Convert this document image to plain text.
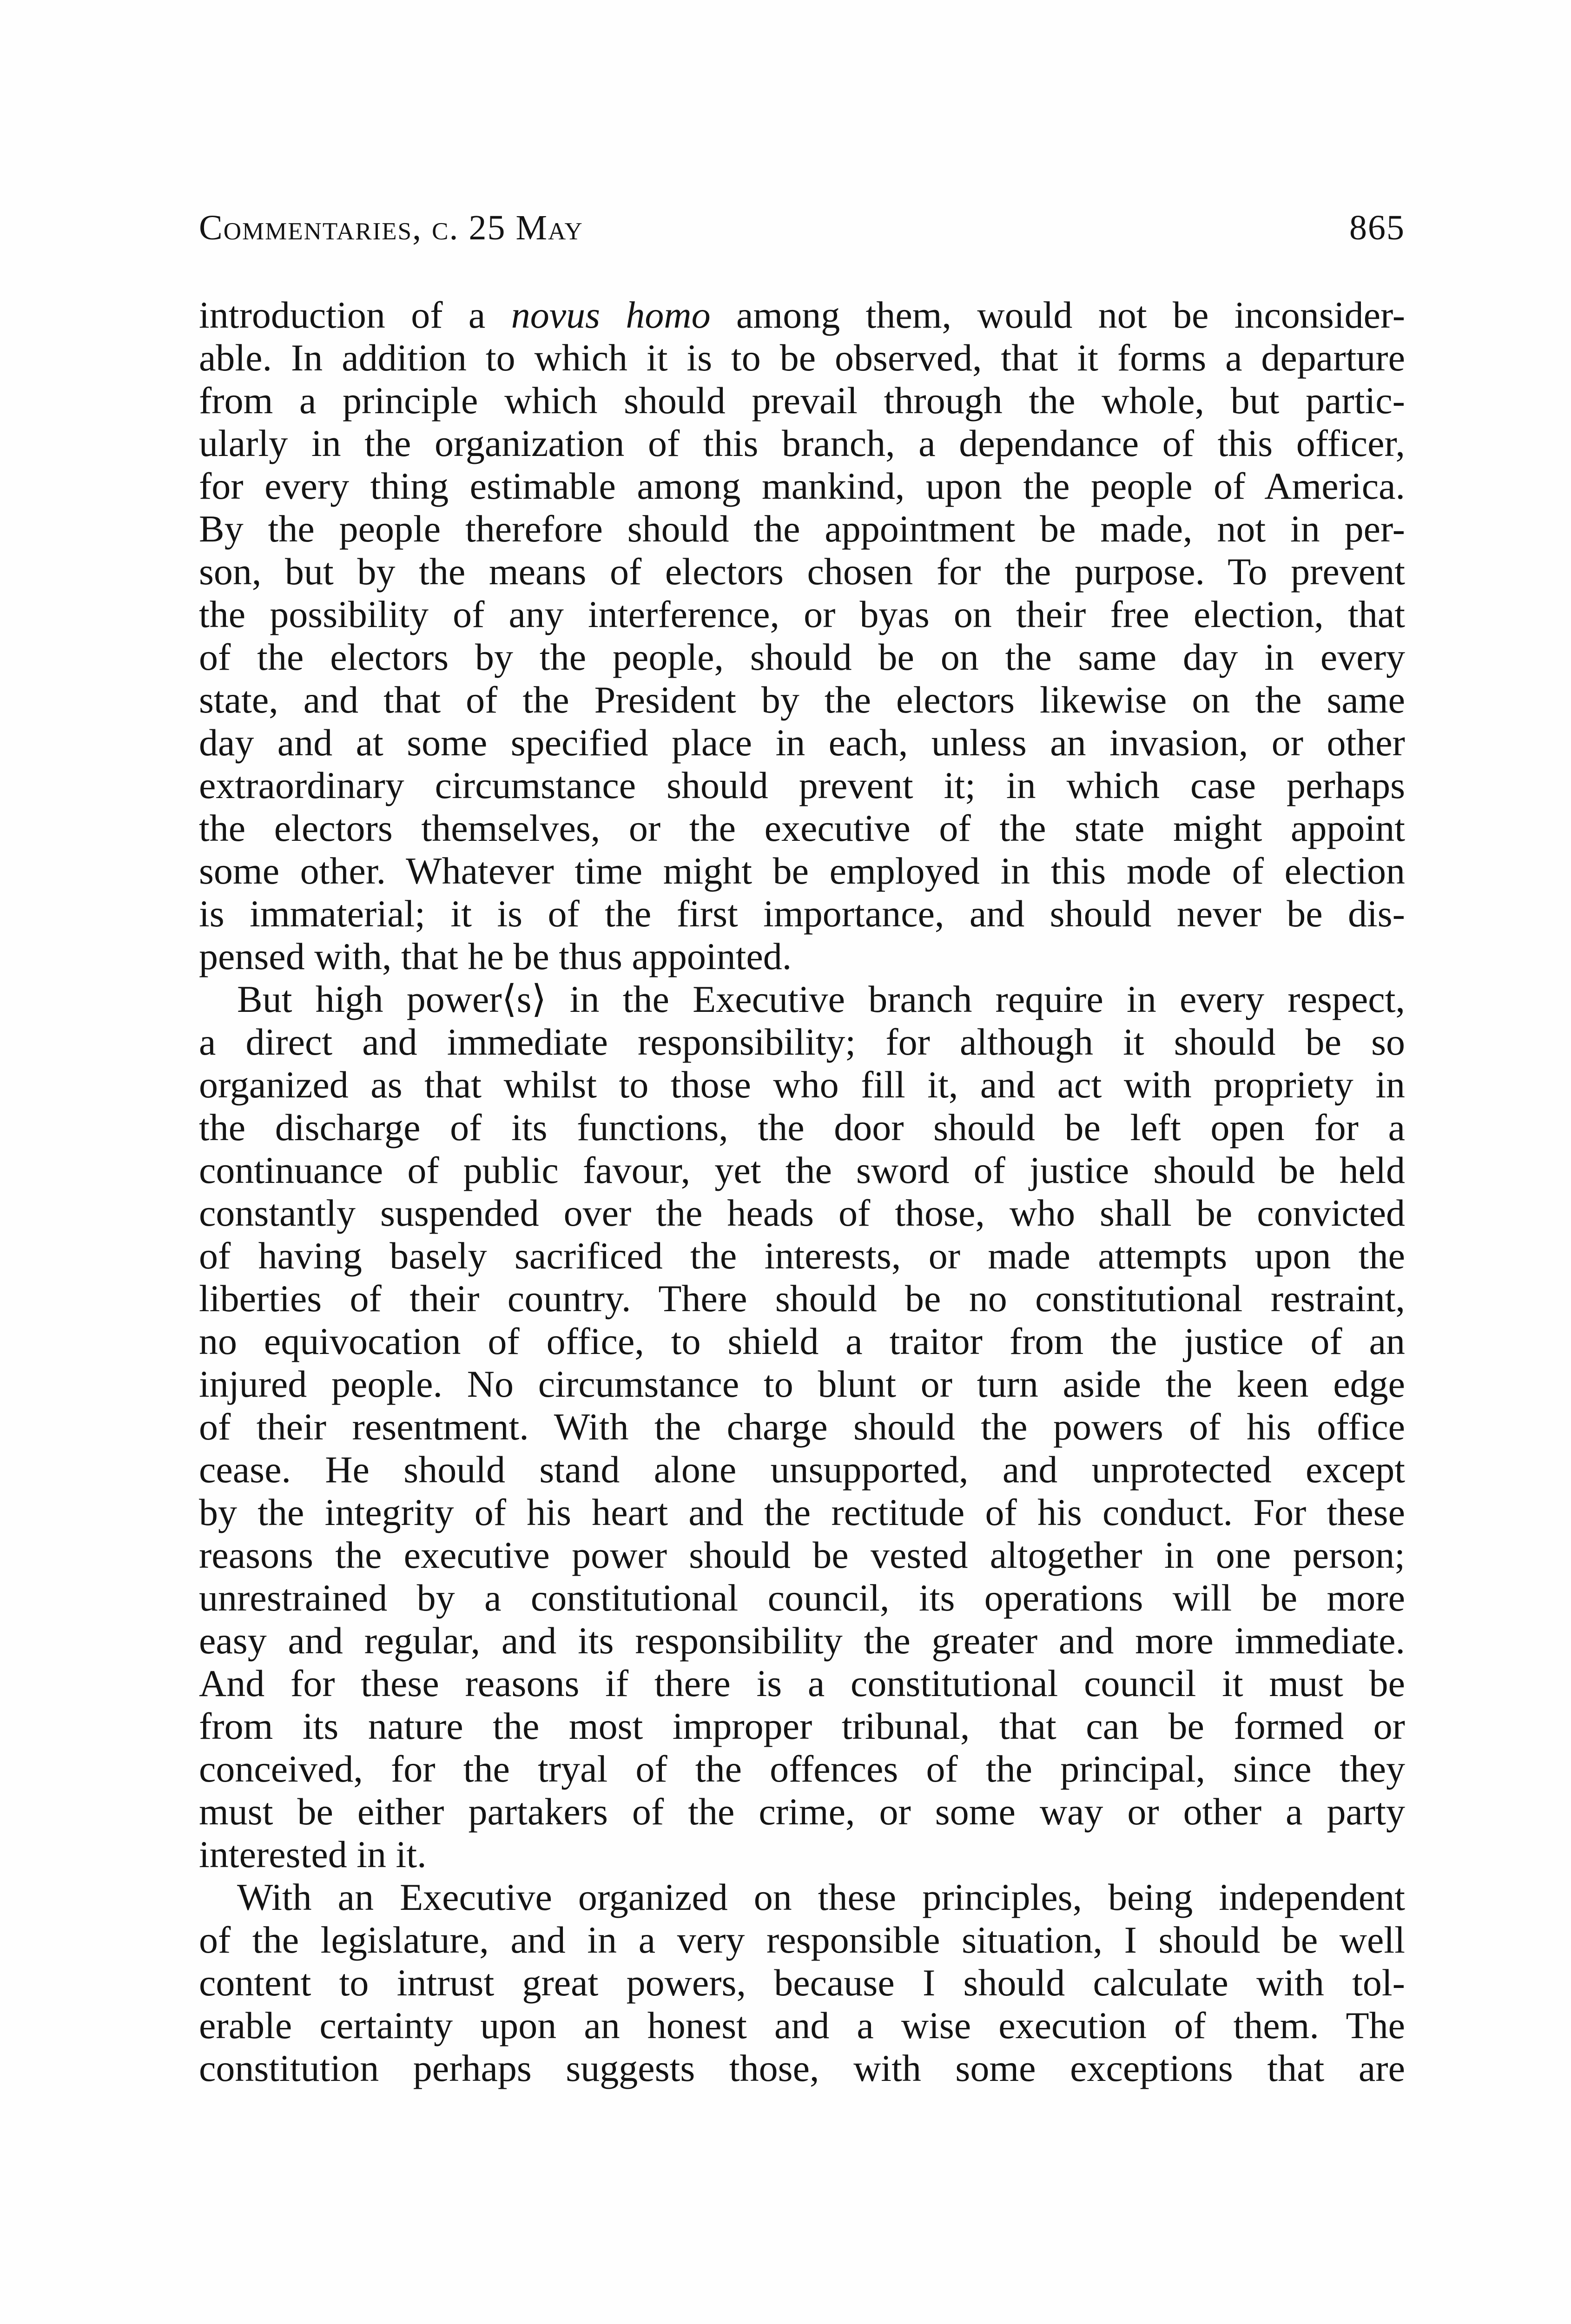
Commentaries, c. 25 May	865
introduction of a novus homo among them, would not be inconsider-
able. In addition to which it is to be observed, that it forms a departure
from a principle which should prevail through the whole, but partic-
ularly in the organization of this branch, a dependance of this officer,
for every thing estimable among mankind, upon the people of America.
By the people therefore should the appointment be made, not in per-
son, but by the means of electors chosen for the purpose. To prevent
the possibility of any interference, or byas on their free election, that
of the electors by the people, should be on the same day in every
state, and that of the President by the electors likewise on the same
day and at some specified place in each, unless an invasion, or other
extraordinary circumstance should prevent it; in which case perhaps
the electors themselves, or the executive of the state might appoint
some other. Whatever time might be employed in this mode of election
is immaterial; it is of the first importance, and should never be dis-
pensed with, that he be thus appointed.
But high power⟨s⟩ in the Executive branch require in every respect,
a direct and immediate responsibility; for although it should be so
organized as that whilst to those who fill it, and act with propriety in
the discharge of its functions, the door should be left open for a
continuance of public favour, yet the sword of justice should be held
constantly suspended over the heads of those, who shall be convicted
of having basely sacrificed the interests, or made attempts upon the
liberties of their country. There should be no constitutional restraint,
no equivocation of office, to shield a traitor from the justice of an
injured people. No circumstance to blunt or turn aside the keen edge
of their resentment. With the charge should the powers of his office
cease. He should stand alone unsupported, and unprotected except
by the integrity of his heart and the rectitude of his conduct. For these
reasons the executive power should be vested altogether in one person;
unrestrained by a constitutional council, its operations will be more
easy and regular, and its responsibility the greater and more immediate.
And for these reasons if there is a constitutional council it must be
from its nature the most improper tribunal, that can be formed or
conceived, for the tryal of the offences of the principal, since they
must be either partakers of the crime, or some way or other a party
interested in it.
With an Executive organized on these principles, being independent
of the legislature, and in a very responsible situation, I should be well
content to intrust great powers, because I should calculate with tol-
erable certainty upon an honest and a wise execution of them. The
constitution perhaps suggests those, with some exceptions that are
